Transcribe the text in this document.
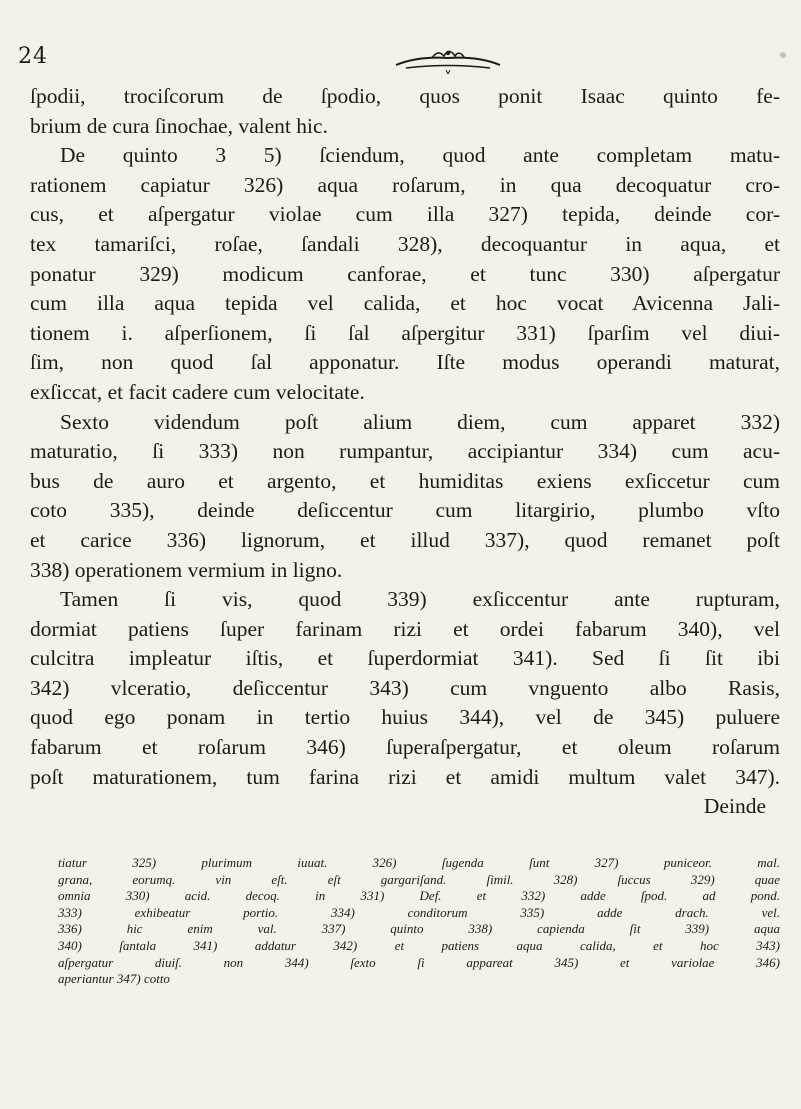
24
ſpodii, trociſcorum de ſpodio, quos ponit Isaac quinto fe-
brium de cura ſinochae, valent hic.
De quinto 3 5) ſciendum, quod ante completam matu-
rationem capiatur 326) aqua roſarum, in qua decoquatur cro-
cus, et aſpergatur violae cum illa 327) tepida, deinde cor-
tex tamariſci, roſae, ſandali 328), decoquantur in aqua, et
ponatur 329) modicum canforae, et tunc 330) aſpergatur
cum illa aqua tepida vel calida, et hoc vocat Avicenna Jali-
tionem i. aſperſionem, ſi ſal aſpergitur 331) ſparſim vel diui-
ſim, non quod ſal apponatur. Iſte modus operandi maturat,
exſiccat, et facit cadere cum velocitate.
Sexto videndum poſt alium diem, cum apparet 332)
maturatio, ſi 333) non rumpantur, accipiantur 334) cum acu-
bus de auro et argento, et humiditas exiens exſiccetur cum
coto 335), deinde deſiccentur cum litargirio, plumbo vſto
et carice 336) lignorum, et illud 337), quod remanet poſt
338) operationem vermium in ligno.
Tamen ſi vis, quod 339) exſiccentur ante rupturam,
dormiat patiens ſuper farinam rizi et ordei fabarum 340), vel
culcitra impleatur iſtis, et ſuperdormiat 341). Sed ſi ſit ibi
342) vlceratio, deſiccentur 343) cum vnguento albo Rasis,
quod ego ponam in tertio huius 344), vel de 345) puluere
fabarum et roſarum 346) ſuperaſpergatur, et oleum roſarum
poſt maturationem, tum farina rizi et amidi multum valet 347).
Deinde
tiatur 325) plurimum iuuat. 326) ſugenda ſunt 327) puniceor. mal.
grana, eorumq. vin eſt. eſt gargariſand. ſimil. 328) ſuccus 329) quae
omnia 330) acid. decoq. in 331) Def. et 332) adde ſpod. ad pond.
333) exhibeatur portio. 334) conditorum 335) adde drach. vel.
336) hic enim val. 337) quinto 338) capienda ſit 339) aqua
340) ſantala 341) addatur 342) et patiens aqua calida, et hoc 343)
aſpergatur diuiſ. non 344) ſexto ſi appareat 345) et variolae 346)
aperiantur 347) cotto
